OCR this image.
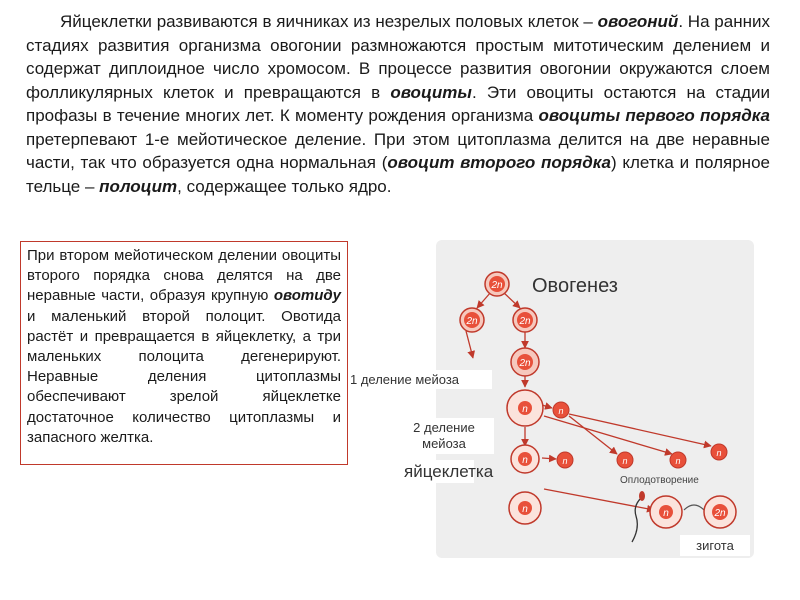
Яйцеклетки развиваются в яичниках из незрелых половых клеток – овогоний. На ранних стадиях развития организма овогонии размножаются простым митотическим делением и содержат диплоидное число хромосом. В процессе развития овогонии окружаются слоем фолликулярных клеток и превращаются в овоциты. Эти овоциты остаются на стадии профазы в течение многих лет. К моменту рождения организма овоциты первого порядка претерпевают 1-е мейотическое деление. При этом цитоплазма делится на две неравные части, так что образуется одна нормальная (овоцит второго порядка) клетка и полярное тельце – полоцит, содержащее только ядро.

При втором мейотическом делении овоциты второго порядка снова делятся на две неравные части, образуя крупную овотиду и маленький второй полоцит. Овотида растёт и превращается в яйцеклетку, а три маленьких полоцита дегенерируют. Неравные деления цитоплазмы обеспечивают зрелой яйцеклетке достаточное количество цитоплазмы и запасного желтка.

Овогенез
2n
2n	2n
2n
n	n
n	n	n	n
n
Оплодотворение
n	n	2n
1 деление мейоза
2 деление мейоза
яйцеклетка
зигота
